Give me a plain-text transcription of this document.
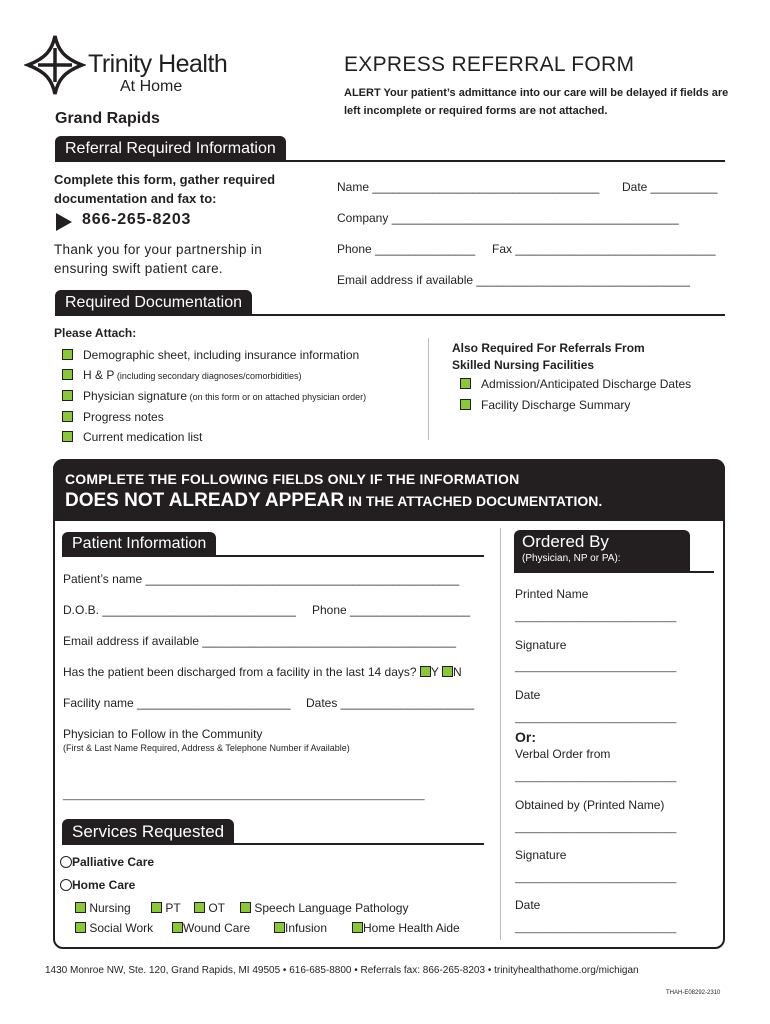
Trinity Health
At Home
Grand Rapids
EXPRESS REFERRAL FORM
ALERT Your patient’s admittance into our care will be delayed if fields are left incomplete or required forms are not attached.
Referral Required Information
Complete this form, gather required documentation and fax to:
866-265-8203
Thank you for your partnership in ensuring swift patient care.
Name __________________________________ Date __________
Company ___________________________________________
Phone _______________ Fax ______________________________
Email address if available ________________________________
Required Documentation
Please Attach:
Demographic sheet, including insurance information
H & P (including secondary diagnoses/comorbidities)
Physician signature (on this form or on attached physician order)
Progress notes
Current medication list
Also Required For Referrals From Skilled Nursing Facilities
Admission/Anticipated Discharge Dates
Facility Discharge Summary
COMPLETE THE FOLLOWING FIELDS ONLY IF THE INFORMATION
DOES NOT ALREADY APPEAR IN THE ATTACHED DOCUMENTATION.
Patient Information
Patient’s name _______________________________________________
D.O.B. _____________________________ Phone __________________
Email address if available ______________________________________
Has the patient been discharged from a facility in the last 14 days? Y N
Facility name _______________________ Dates ____________________
Physician to Follow in the Community
(First & Last Name Required, Address & Telephone Number if Available)
_________________________________________________________________
Services Requested
Palliative Care
Home Care
Nursing	PT	OT	Speech Language Pathology
Social Work	Wound Care	Infusion	Home Health Aide
Ordered By
(Physician, NP or PA):
Printed Name
_____________________________
Signature
_____________________________
Date
_____________________________
Or:
Verbal Order from
_____________________________
Obtained by (Printed Name)
_____________________________
Signature
_____________________________
Date
_____________________________
1430 Monroe NW, Ste. 120, Grand Rapids, MI 49505 • 616-685-8800 • Referrals fax: 866-265-8203 • trinityhealthathome.org/michigan
THAH-E08292-2310
